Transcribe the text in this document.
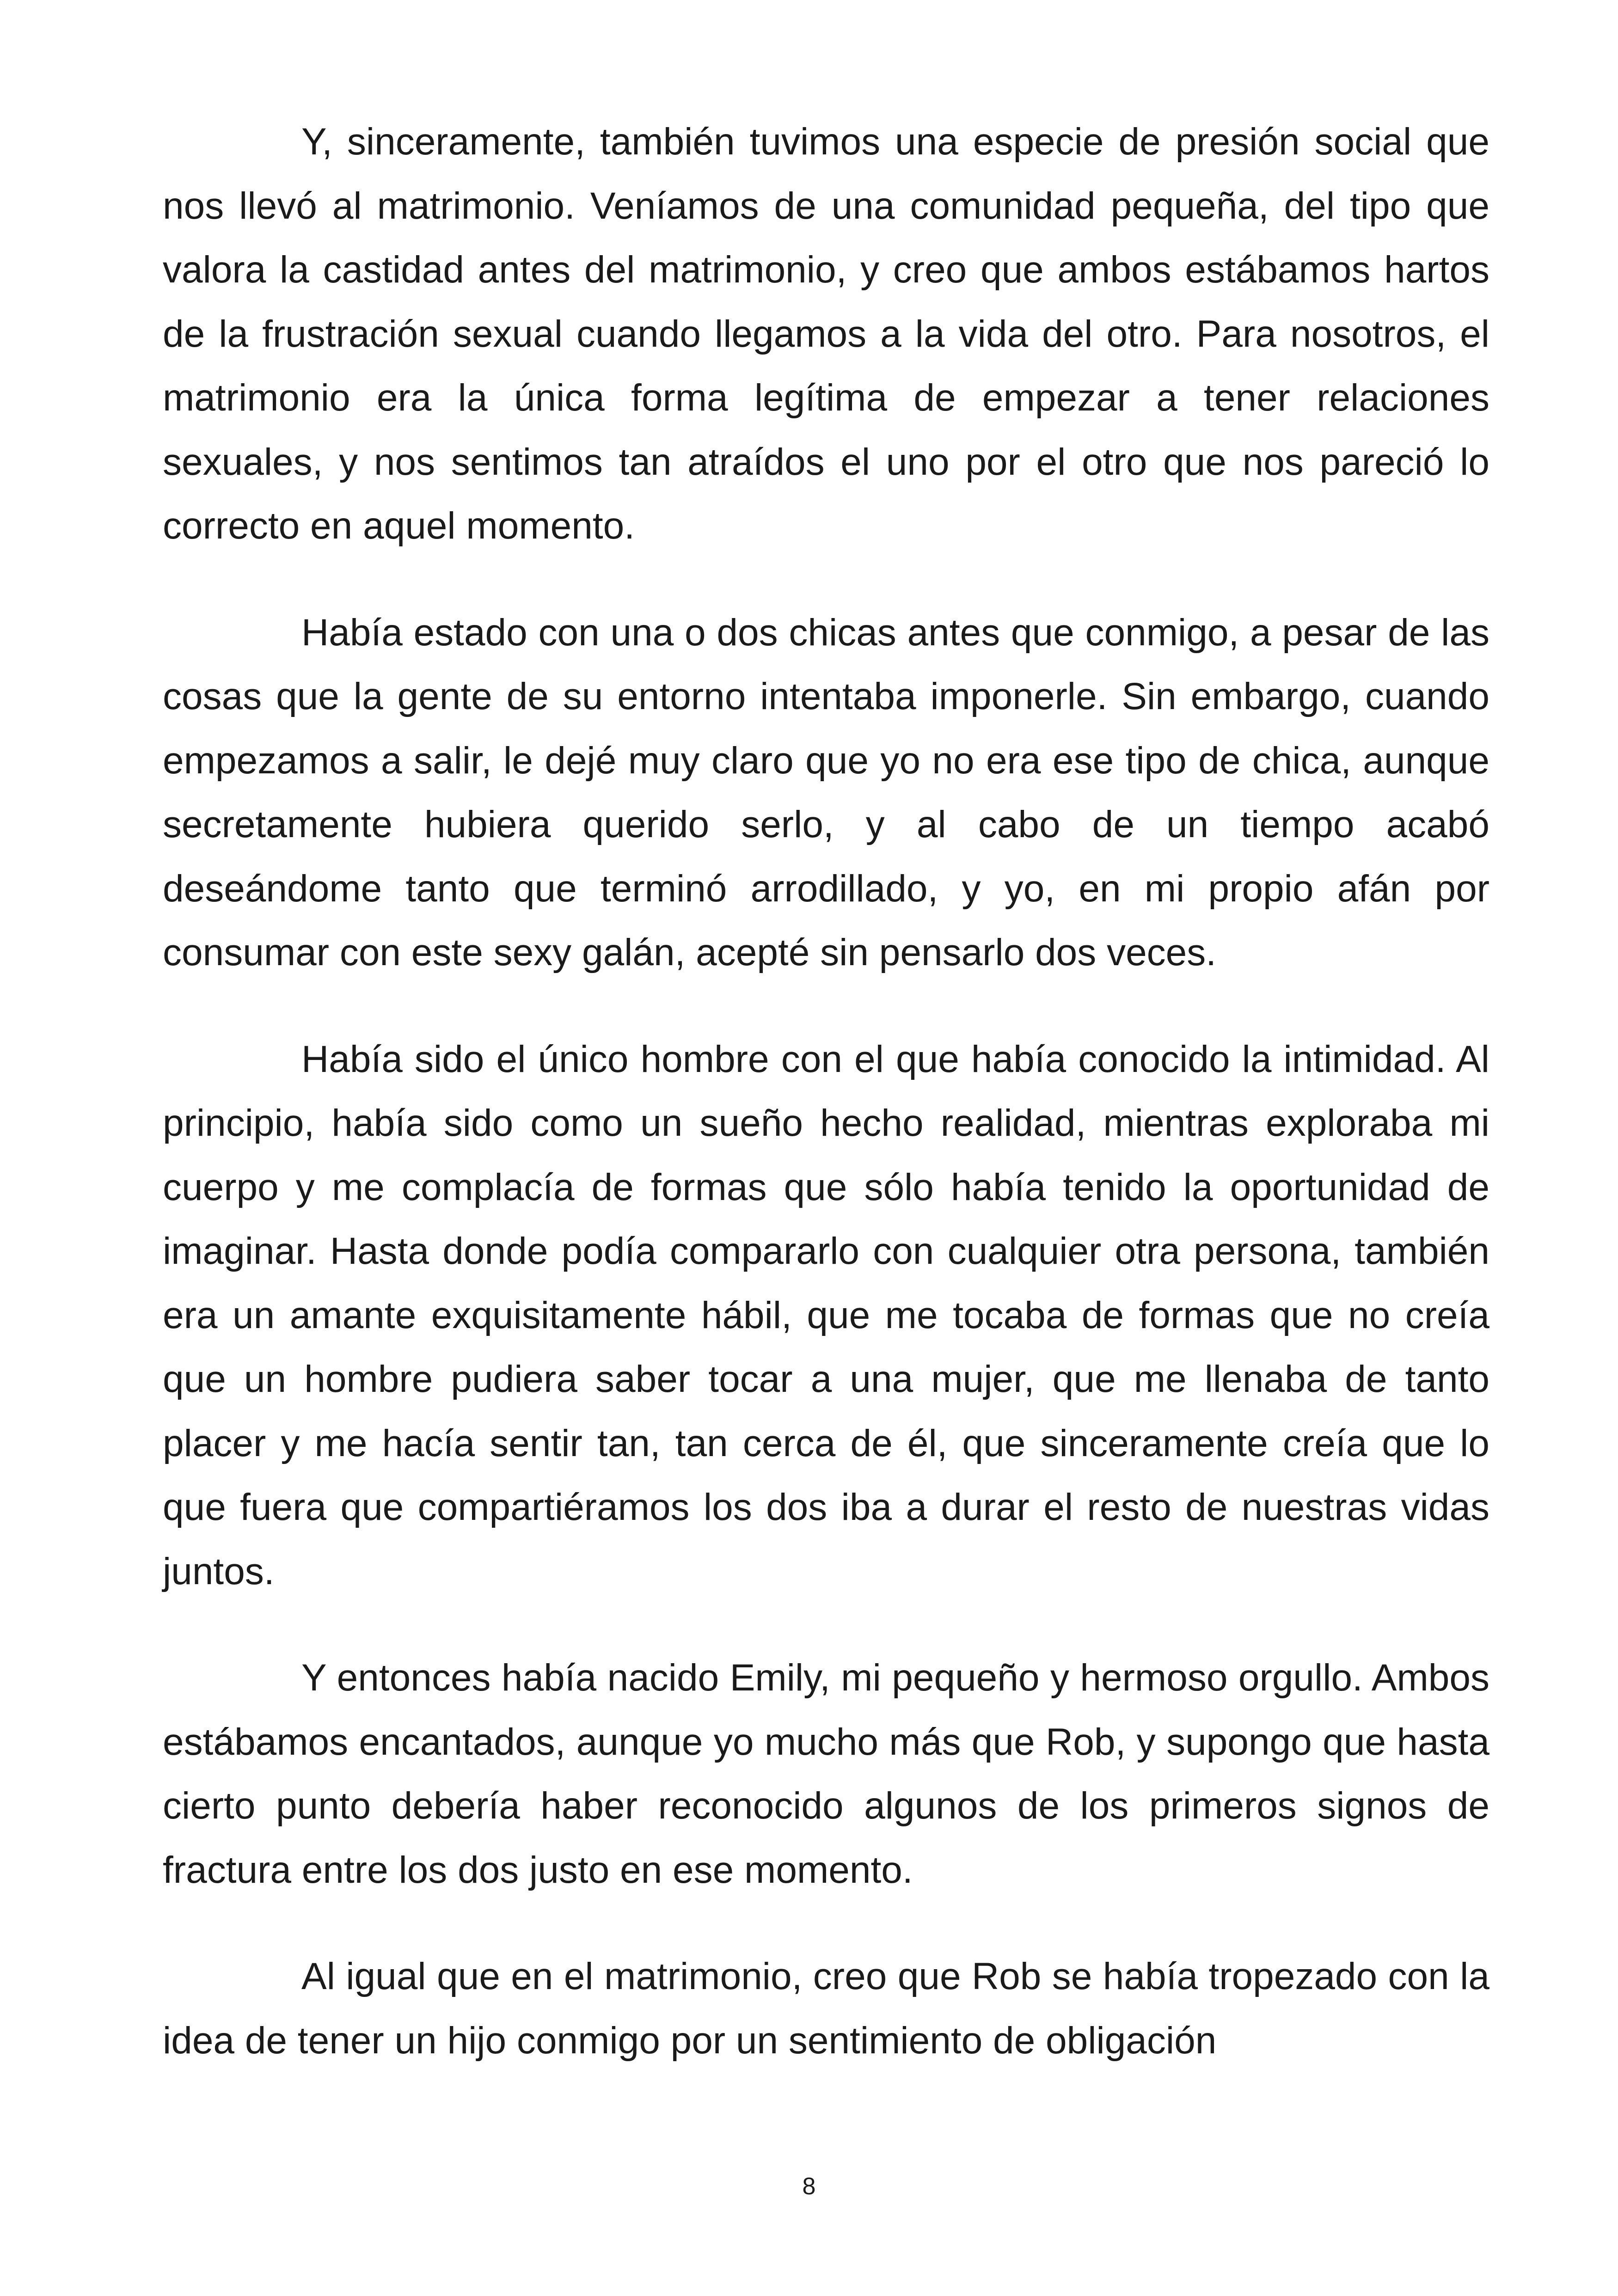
Y, sinceramente, también tuvimos una especie de presión social que nos llevó al matrimonio. Veníamos de una comunidad pequeña, del tipo que valora la castidad antes del matrimonio, y creo que ambos estábamos hartos de la frustración sexual cuando llegamos a la vida del otro. Para nosotros, el matrimonio era la única forma legítima de empezar a tener relaciones sexuales, y nos sentimos tan atraídos el uno por el otro que nos pareció lo correcto en aquel momento.

Había estado con una o dos chicas antes que conmigo, a pesar de las cosas que la gente de su entorno intentaba imponerle. Sin embargo, cuando empezamos a salir, le dejé muy claro que yo no era ese tipo de chica, aunque secretamente hubiera querido serlo, y al cabo de un tiempo acabó deseándome tanto que terminó arrodillado, y yo, en mi propio afán por consumar con este sexy galán, acepté sin pensarlo dos veces.

Había sido el único hombre con el que había conocido la intimidad. Al principio, había sido como un sueño hecho realidad, mientras exploraba mi cuerpo y me complacía de formas que sólo había tenido la oportunidad de imaginar. Hasta donde podía compararlo con cualquier otra persona, también era un amante exquisitamente hábil, que me tocaba de formas que no creía que un hombre pudiera saber tocar a una mujer, que me llenaba de tanto placer y me hacía sentir tan, tan cerca de él, que sinceramente creía que lo que fuera que compartiéramos los dos iba a durar el resto de nuestras vidas juntos.

Y entonces había nacido Emily, mi pequeño y hermoso orgullo. Ambos estábamos encantados, aunque yo mucho más que Rob, y supongo que hasta cierto punto debería haber reconocido algunos de los primeros signos de fractura entre los dos justo en ese momento.

Al igual que en el matrimonio, creo que Rob se había tropezado con la idea de tener un hijo conmigo por un sentimiento de obligación

8
